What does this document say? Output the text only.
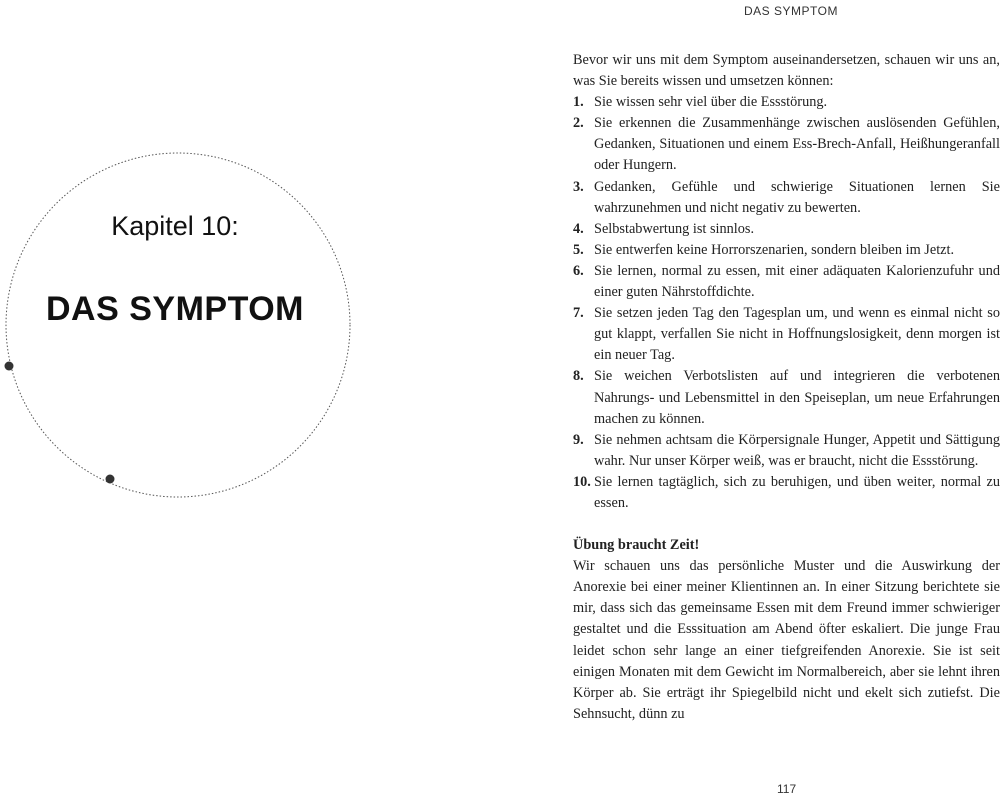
DAS SYMPTOM
Kapitel 10:
DAS SYMPTOM

Bevor wir uns mit dem Symptom auseinandersetzen, schauen wir uns an, was Sie bereits wissen und umsetzen können:

1. Sie wissen sehr viel über die Essstörung.
2. Sie erkennen die Zusammenhänge zwischen auslösenden Gefühlen, Gedanken, Situationen und einem Ess-Brech-Anfall, Heißhungeranfall oder Hungern.
3. Gedanken, Gefühle und schwierige Situationen lernen Sie wahrzunehmen und nicht negativ zu bewerten.
4. Selbstabwertung ist sinnlos.
5. Sie entwerfen keine Horrorszenarien, sondern bleiben im Jetzt.
6. Sie lernen, normal zu essen, mit einer adäquaten Kalorienzufuhr und einer guten Nährstoffdichte.
7. Sie setzen jeden Tag den Tagesplan um, und wenn es einmal nicht so gut klappt, verfallen Sie nicht in Hoffnungslosigkeit, denn morgen ist ein neuer Tag.
8. Sie weichen Verbotslisten auf und integrieren die verbotenen Nahrungs- und Lebensmittel in den Speiseplan, um neue Erfahrungen machen zu können.
9. Sie nehmen achtsam die Körpersignale Hunger, Appetit und Sättigung wahr. Nur unser Körper weiß, was er braucht, nicht die Essstörung.
10. Sie lernen tagtäglich, sich zu beruhigen, und üben weiter, normal zu essen.

Übung braucht Zeit!

Wir schauen uns das persönliche Muster und die Auswirkung der Anorexie bei einer meiner Klientinnen an. In einer Sitzung berichtete sie mir, dass sich das gemeinsame Essen mit dem Freund immer schwieriger gestaltet und die Esssituation am Abend öfter eskaliert. Die junge Frau leidet schon sehr lange an einer tiefgreifenden Anorexie. Sie ist seit einigen Monaten mit dem Gewicht im Normalbereich, aber sie lehnt ihren Körper ab. Sie erträgt ihr Spiegelbild nicht und ekelt sich zutiefst. Die Sehnsucht, dünn zu

117
